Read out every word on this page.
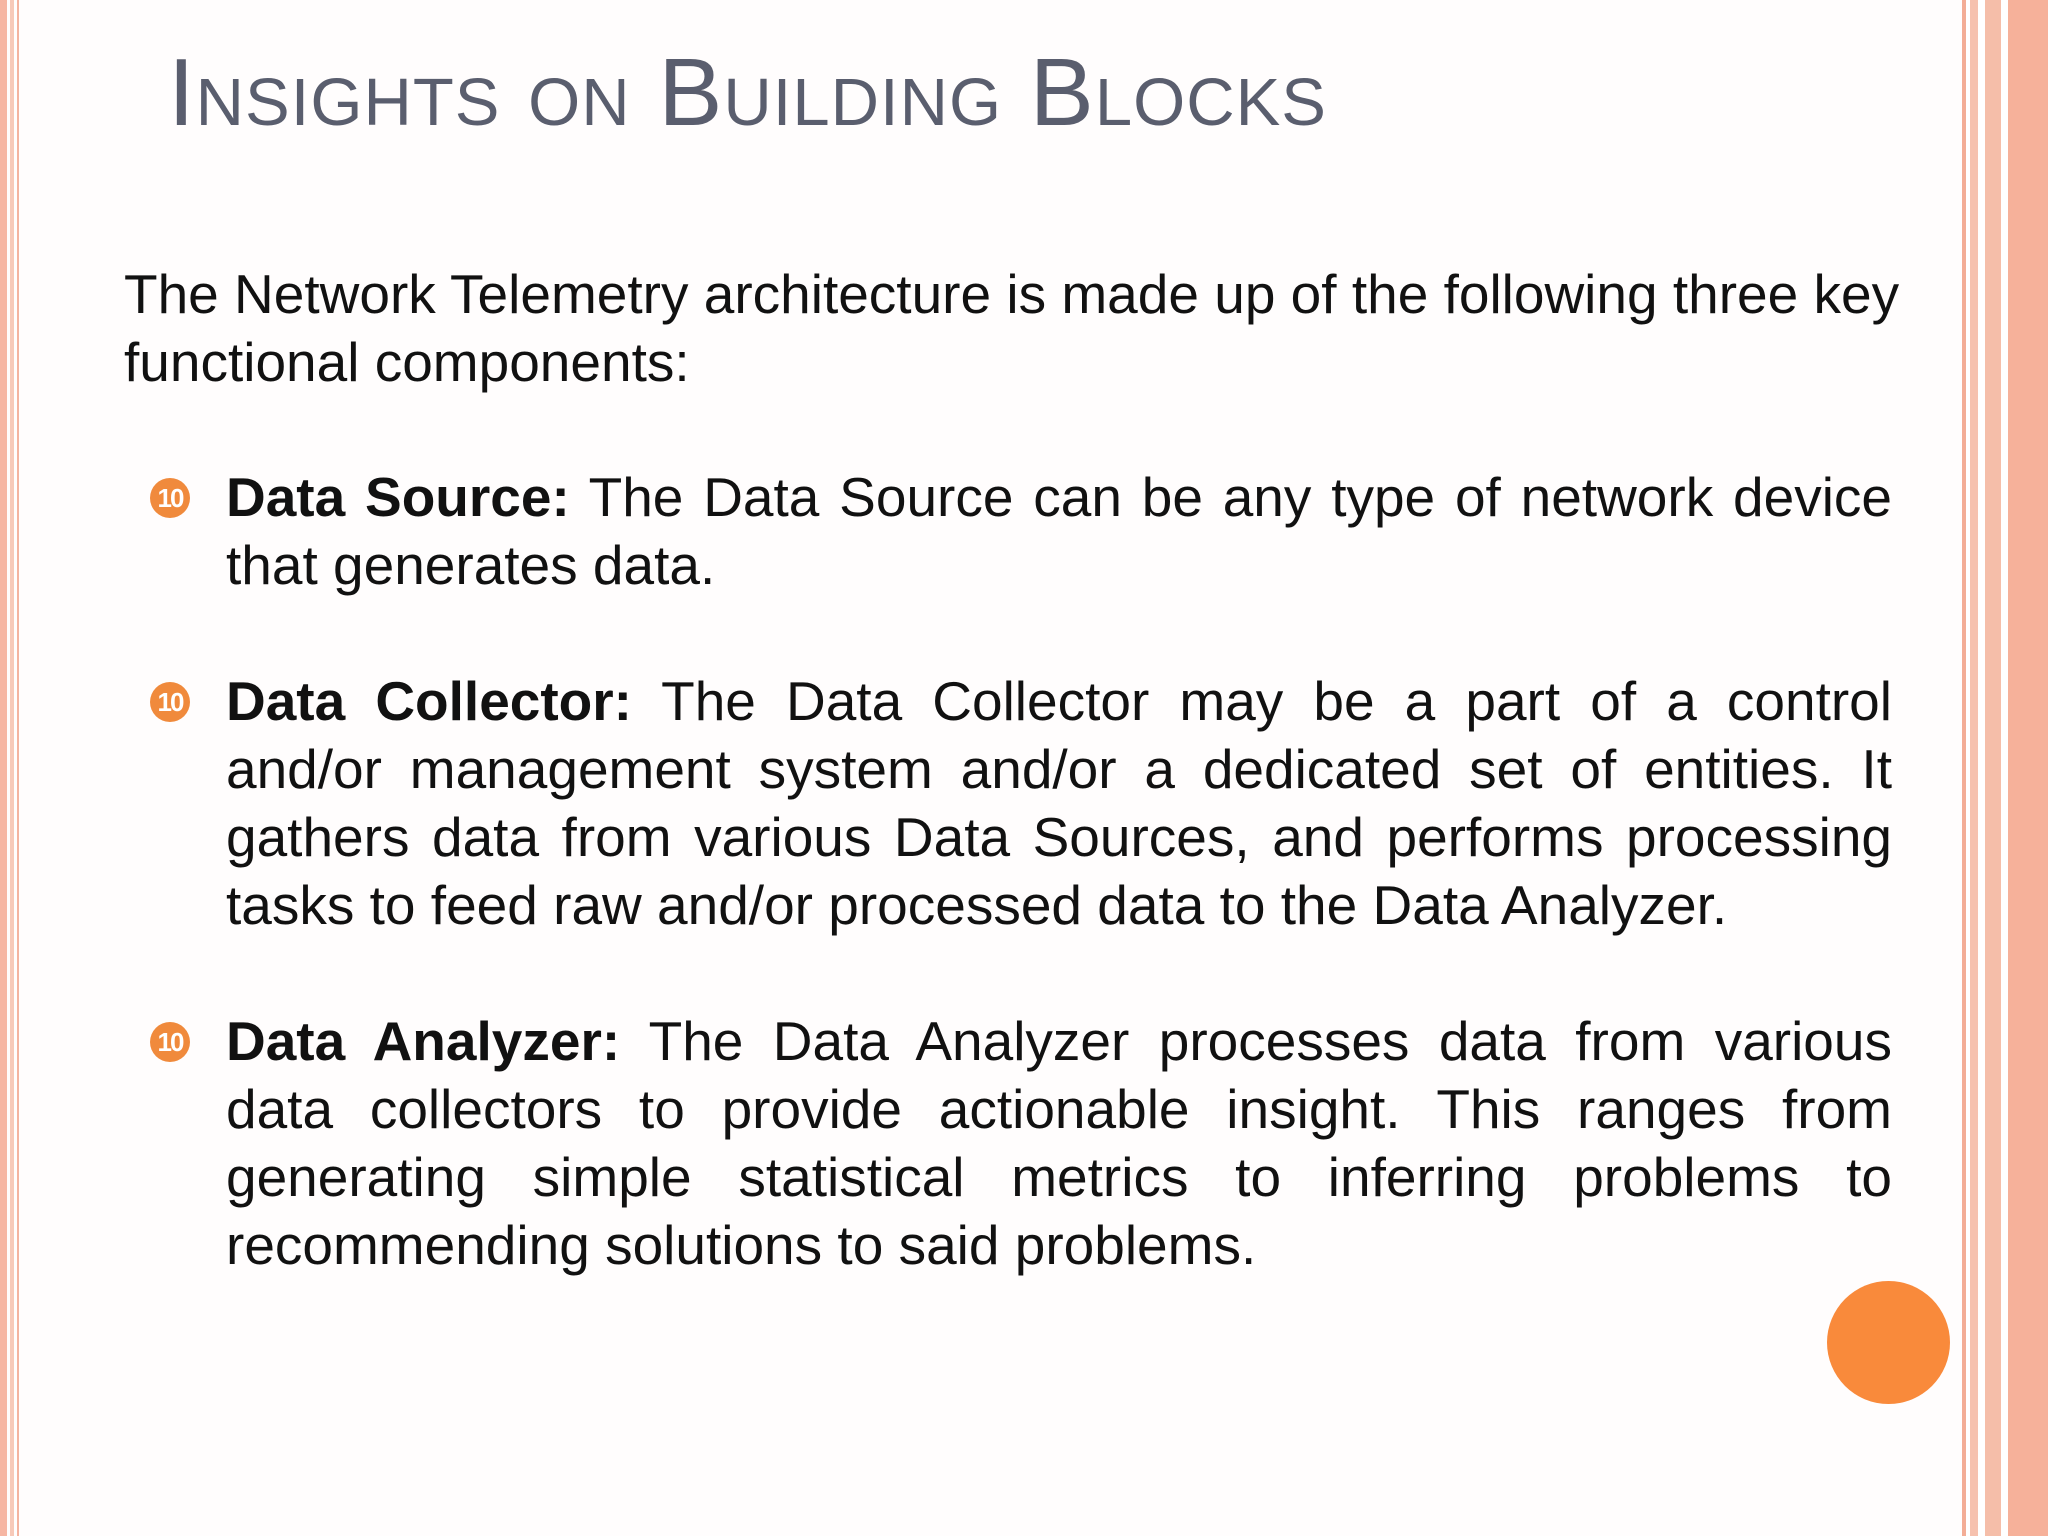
Insights on Building Blocks

The Network Telemetry architecture is made up of the following three key functional components:

10 Data Source: The Data Source can be any type of network device that generates data.
10 Data Collector: The Data Collector may be a part of a control and/or management system and/or a dedicated set of entities. It gathers data from various Data Sources, and performs processing tasks to feed raw and/or processed data to the Data Analyzer.
10 Data Analyzer: The Data Analyzer processes data from various data collectors to provide actionable insight. This ranges from generating simple statistical metrics to inferring problems to recommending solutions to said problems.
